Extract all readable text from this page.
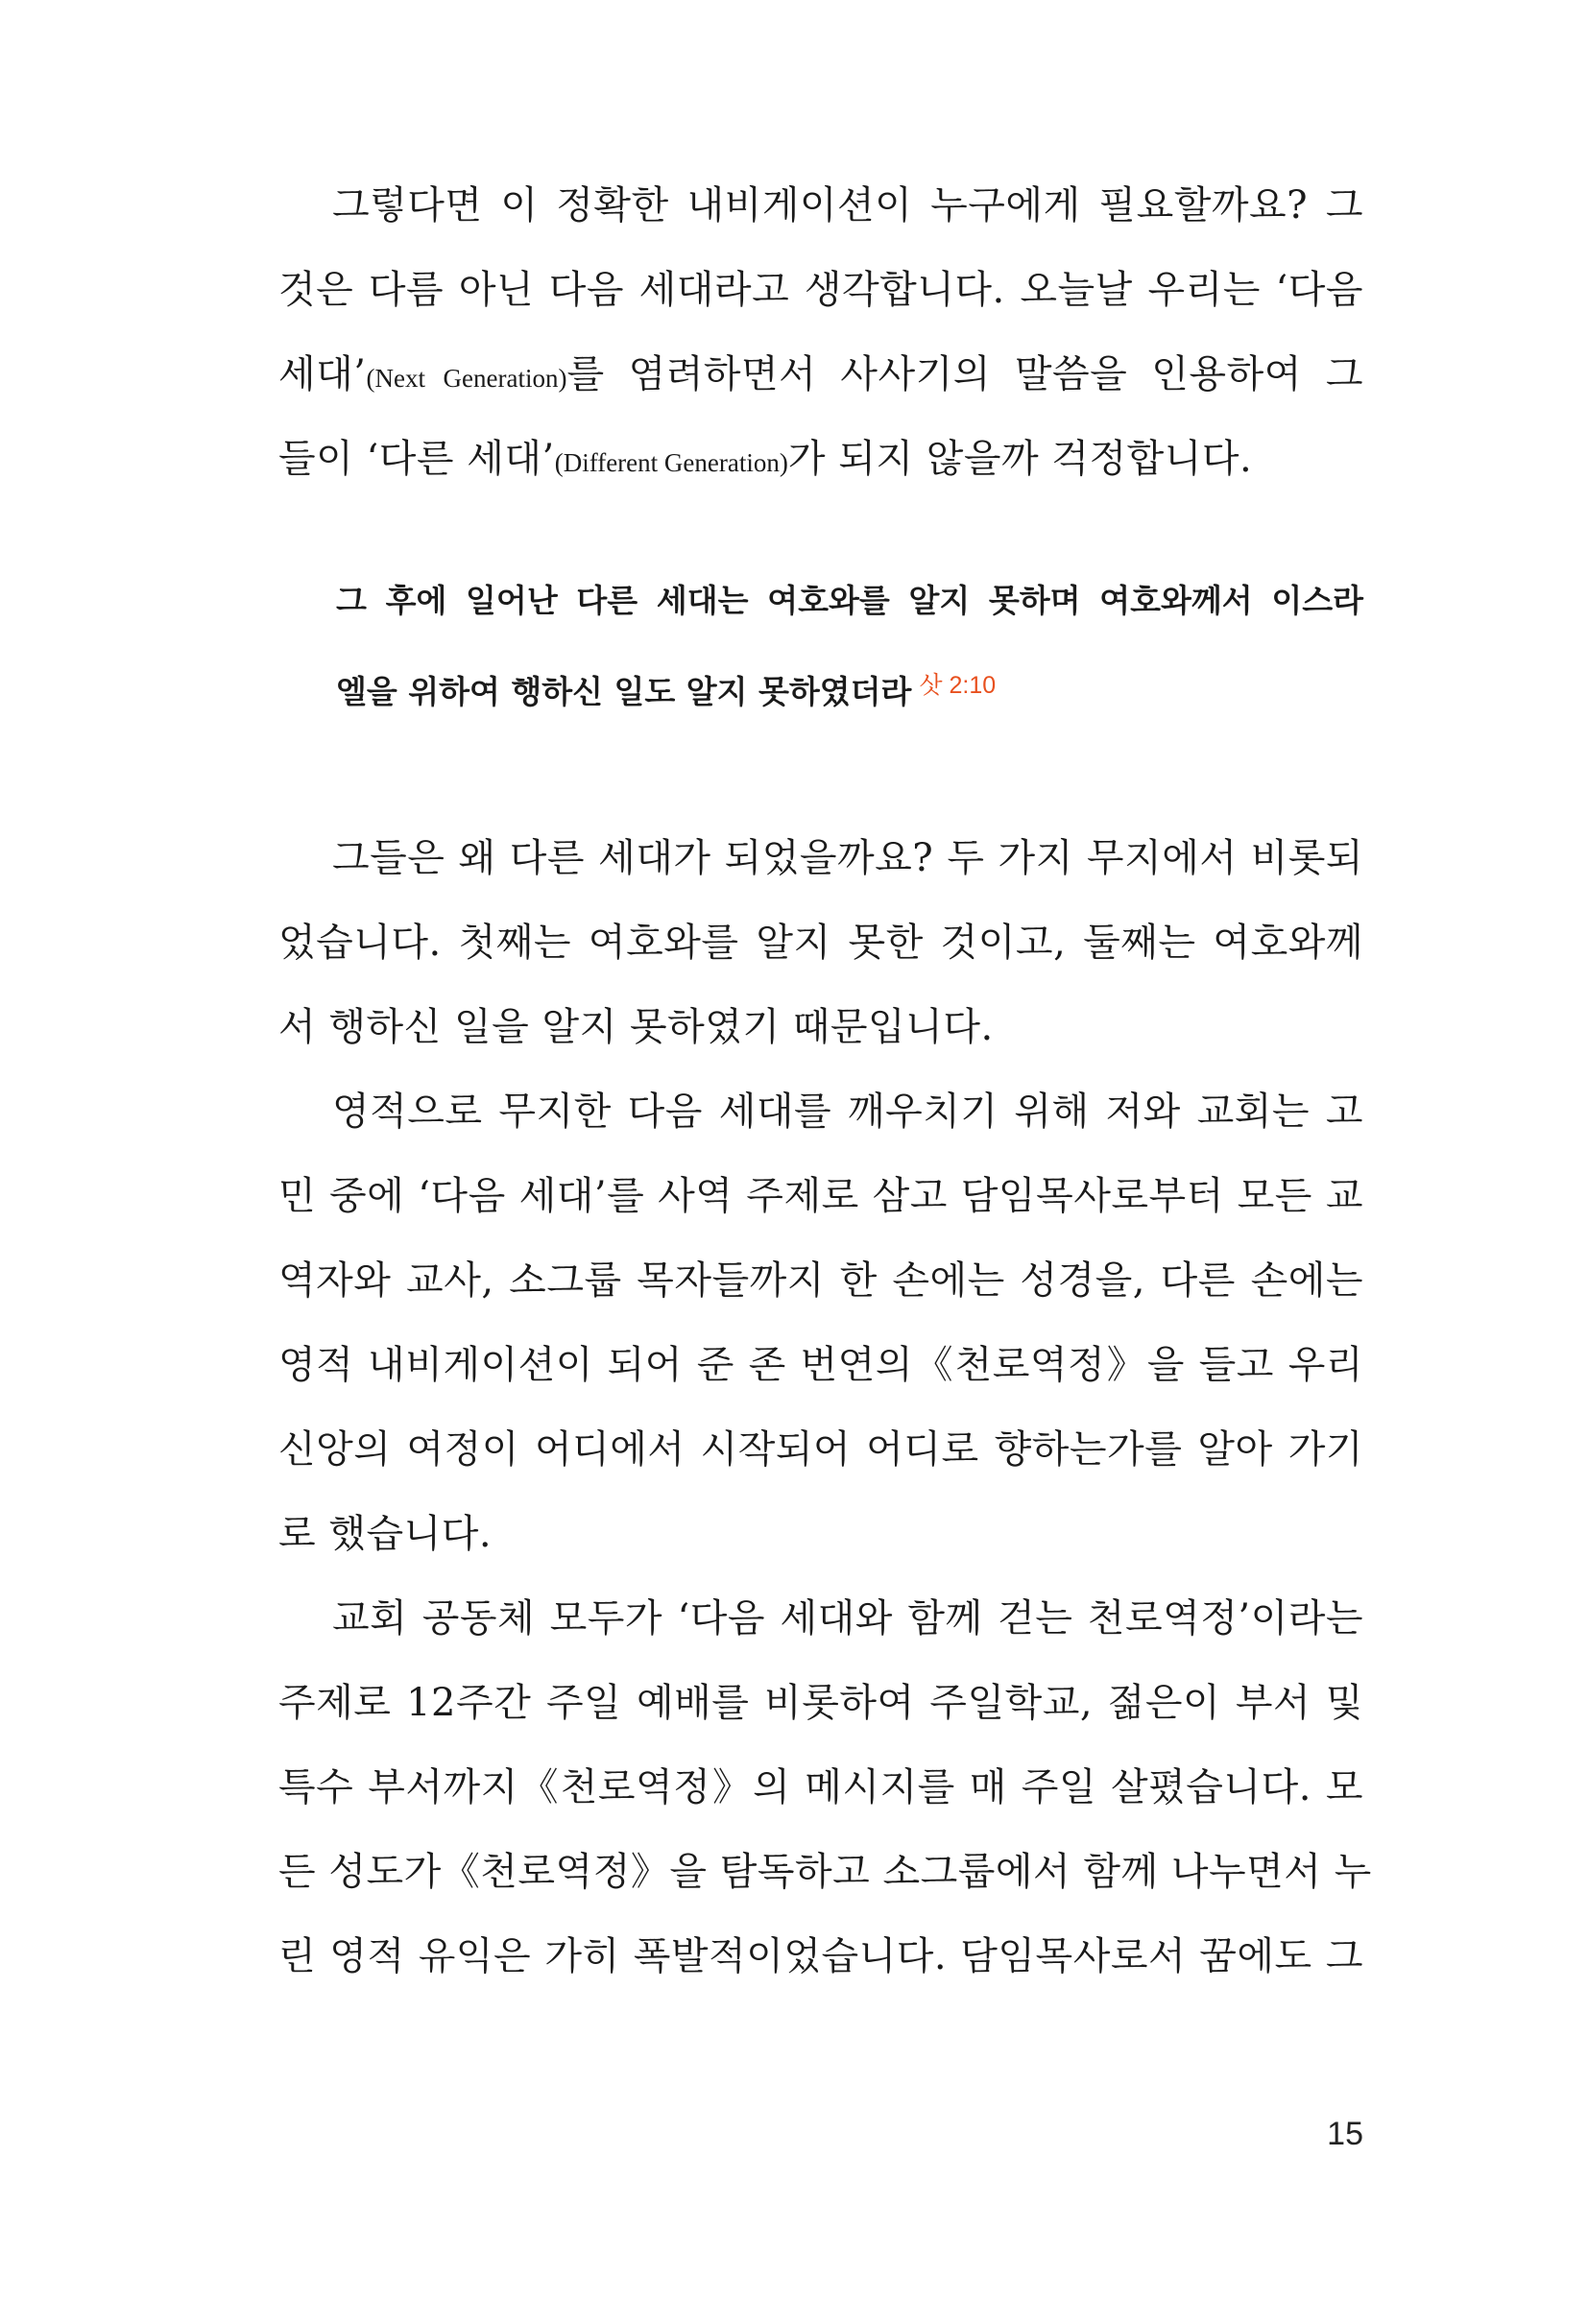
그렇다면 이 정확한 내비게이션이 누구에게 필요할까요? 그
것은 다름 아닌 다음 세대라고 생각합니다. 오늘날 우리는 ‘다음
세대’(Next Generation)를 염려하면서 사사기의 말씀을 인용하여 그
들이 ‘다른 세대’(Different Generation)가 되지 않을까 걱정합니다.
그 후에 일어난 다른 세대는 여호와를 알지 못하며 여호와께서 이스라
엘을 위하여 행하신 일도 알지 못하였더라 $^{삿 2:10}$
그들은 왜 다른 세대가 되었을까요? 두 가지 무지에서 비롯되
었습니다. 첫째는 여호와를 알지 못한 것이고, 둘째는 여호와께
서 행하신 일을 알지 못하였기 때문입니다.
영적으로 무지한 다음 세대를 깨우치기 위해 저와 교회는 고
민 중에 ‘다음 세대’를 사역 주제로 삼고 담임목사로부터 모든 교
역자와 교사, 소그룹 목자들까지 한 손에는 성경을, 다른 손에는
영적 내비게이션이 되어 준 존 번연의《천로역정》을 들고 우리
신앙의 여정이 어디에서 시작되어 어디로 향하는가를 알아 가기
로 했습니다.
교회 공동체 모두가 ‘다음 세대와 함께 걷는 천로역정’이라는
주제로 12주간 주일 예배를 비롯하여 주일학교, 젊은이 부서 및
특수 부서까지《천로역정》의 메시지를 매 주일 살폈습니다. 모
든 성도가《천로역정》을 탐독하고 소그룹에서 함께 나누면서 누
린 영적 유익은 가히 폭발적이었습니다. 담임목사로서 꿈에도 그
15
